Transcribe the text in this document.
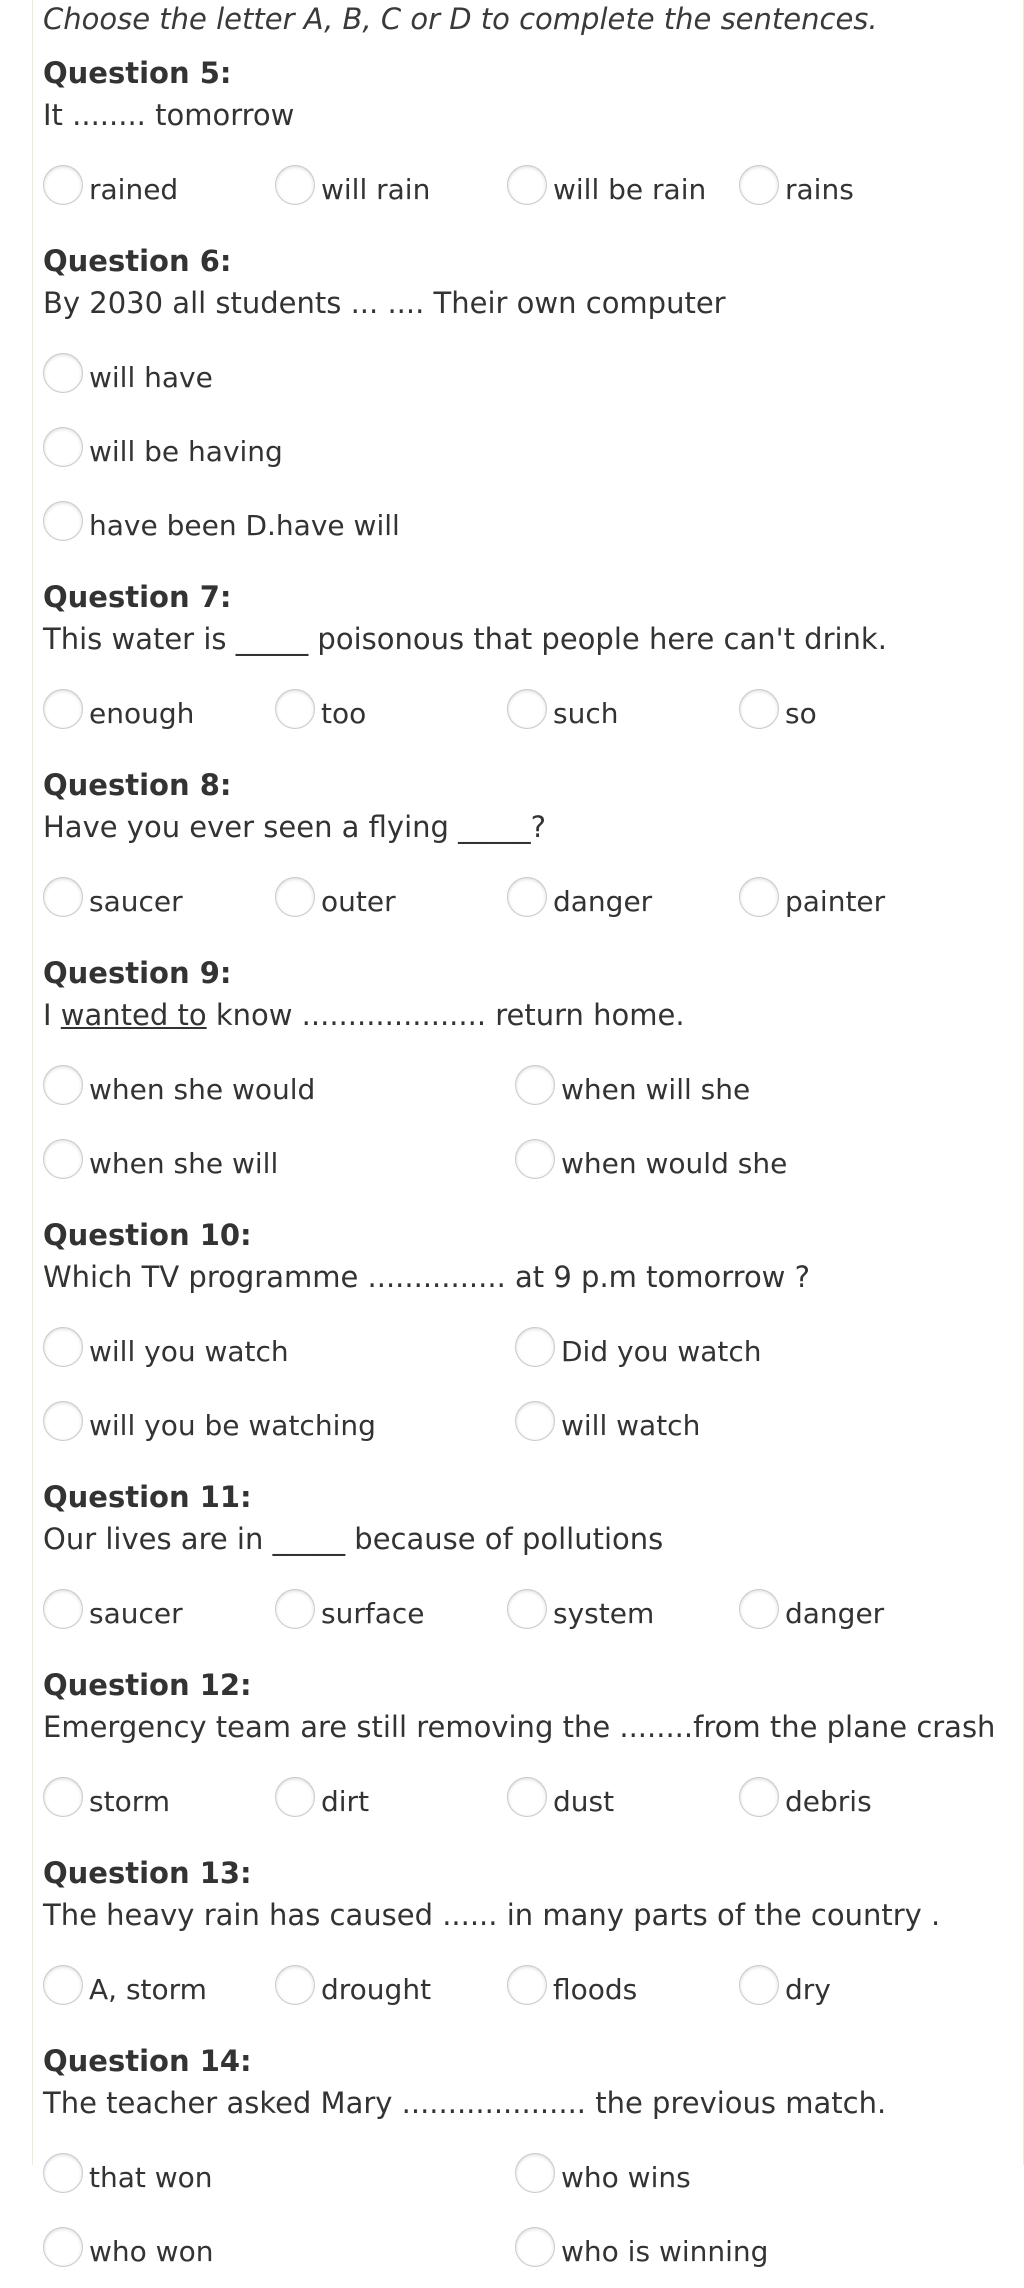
Choose the letter A, B, C or D to complete the sentences.

Question 5:
It ........ tomorrow
rained	will rain	will be rain	rains
Question 6:
By 2030 all students ... .... Their own computer
will have
will be having
have been D.have will
Question 7:
This water is _____ poisonous that people here can't drink.
enough	too	such	so
Question 8:
Have you ever seen a flying _____?
saucer	outer	danger	painter
Question 9:
I wanted to know .................... return home.
when she would	when will she
when she will	when would she
Question 10:
Which TV programme ............... at 9 p.m tomorrow ?
will you watch	Did you watch
will you be watching	will watch
Question 11:
Our lives are in _____ because of pollutions
saucer	surface	system	danger
Question 12:
Emergency team are still removing the ........from the plane crash
storm	dirt	dust	debris
Question 13:
The heavy rain has caused ...... in many parts of the country .
A, storm	drought	floods	dry
Question 14:
The teacher asked Mary .................... the previous match.
that won	who wins
who won	who is winning
